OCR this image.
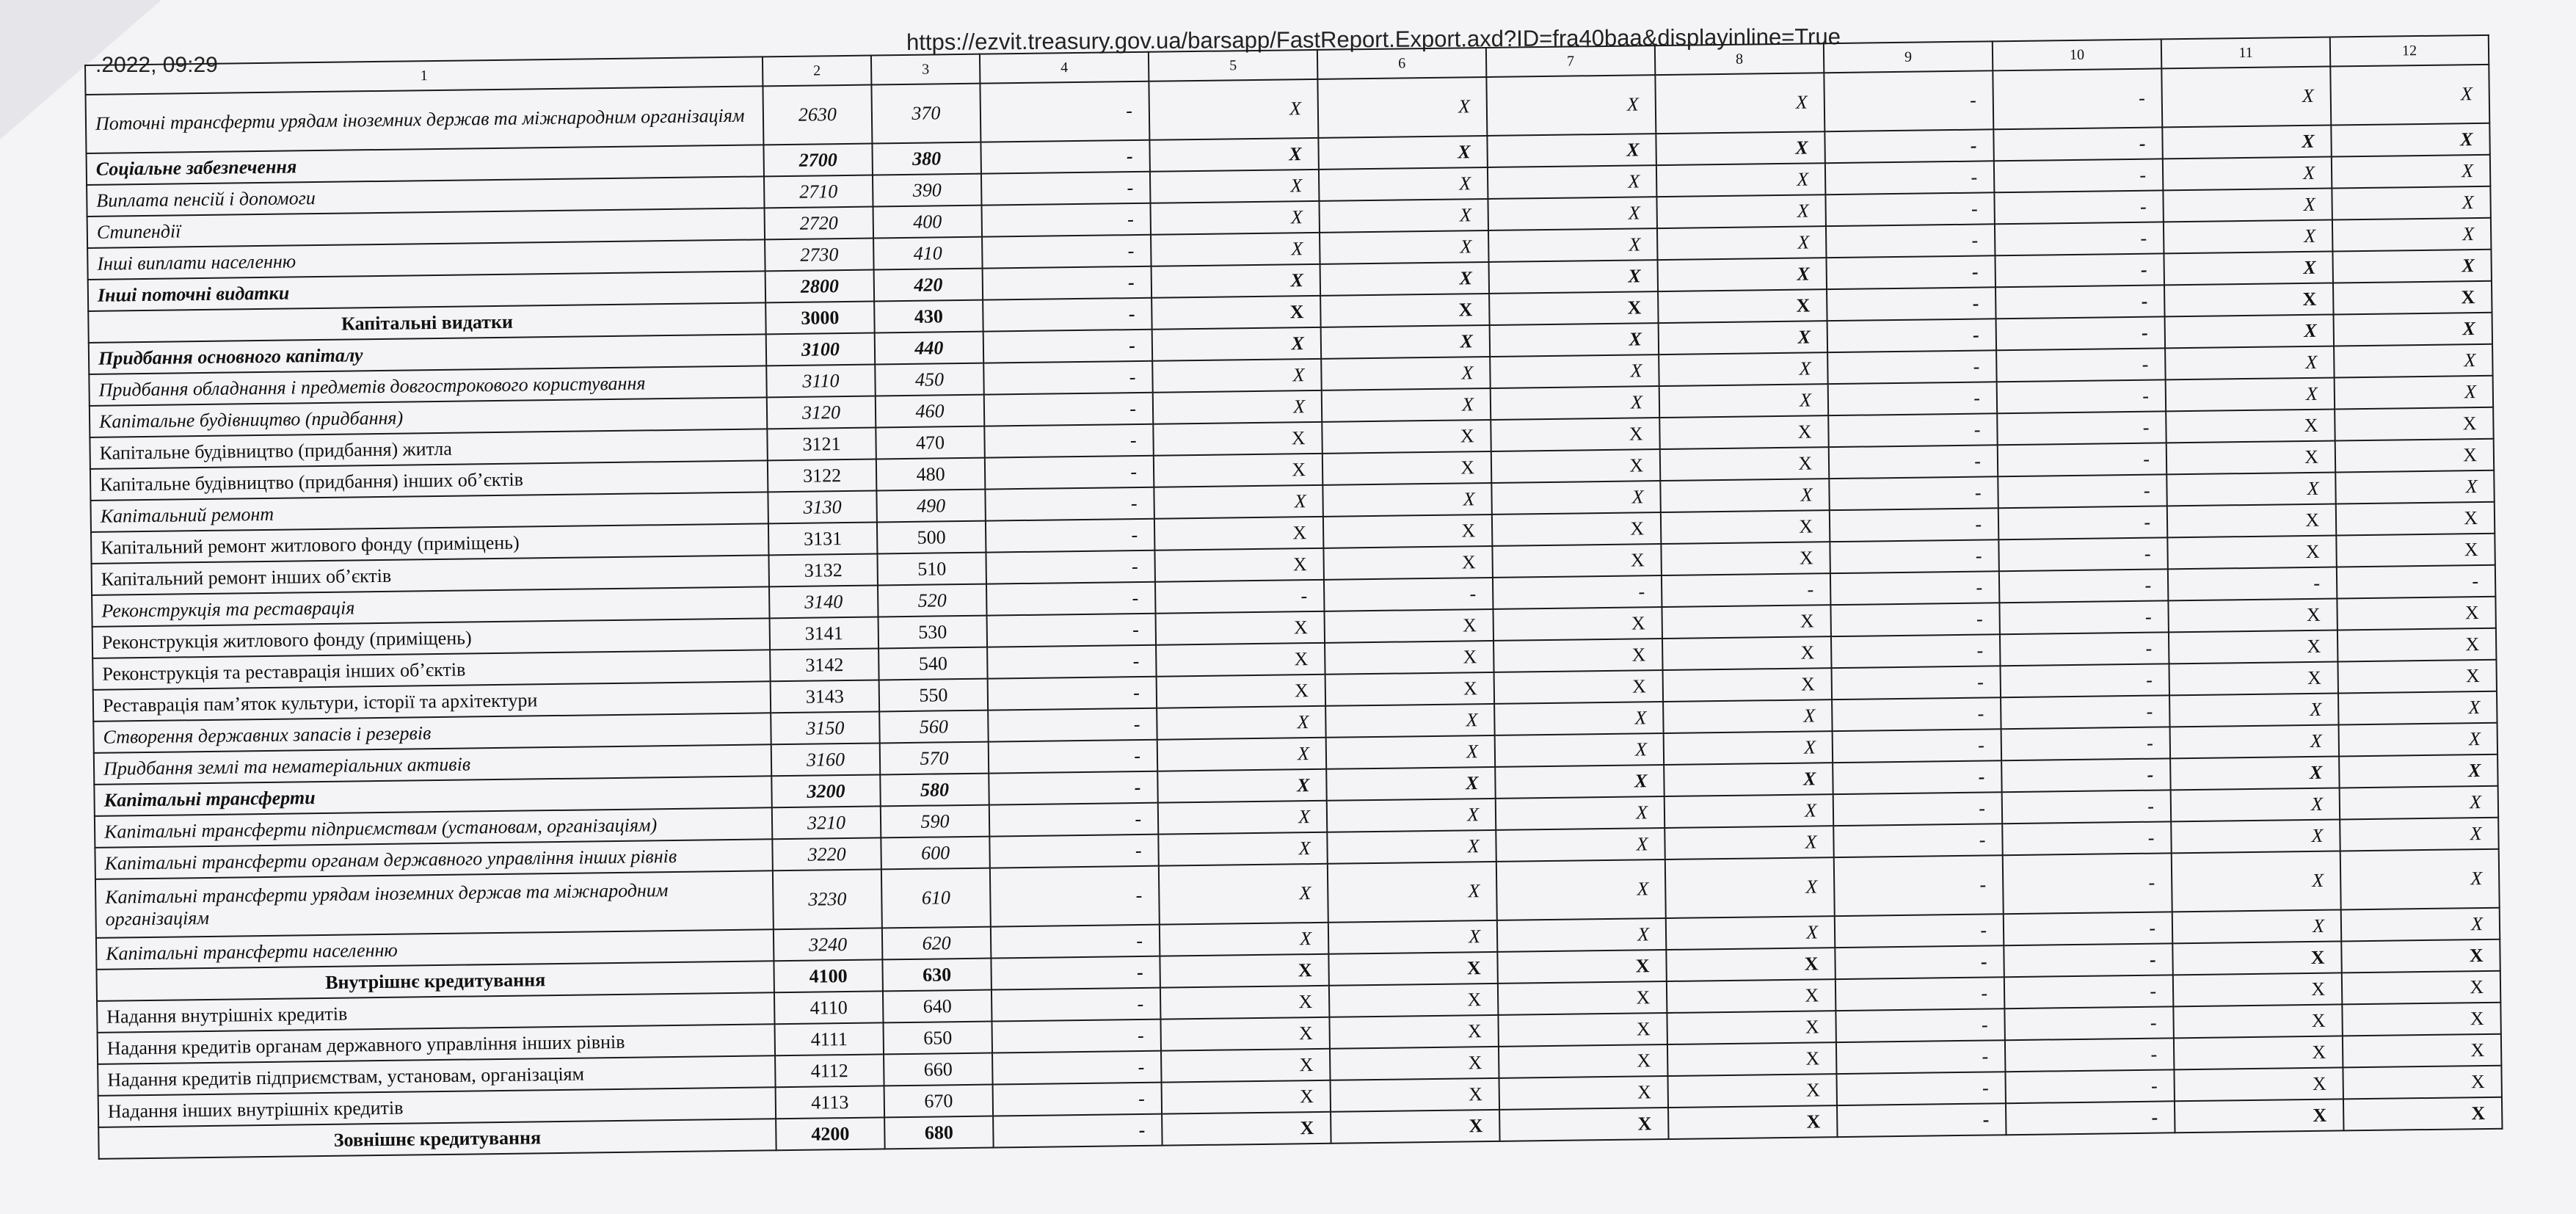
.2022, 09:29
https://ezvit.treasury.gov.ua/barsapp/FastReport.Export.axd?ID=fra40baa&displayinline=True
1	2	3	4	5	6	7	8	9	10	11	12
Поточні трансферти урядам іноземних держав та міжнародним організаціям	2630	370	-	X	X	X	X	-	-	X	X
Соціальне забезпечення	2700	380	-	X	X	X	X	-	-	X	X
Виплата пенсій і допомоги	2710	390	-	X	X	X	X	-	-	X	X
Стипендії	2720	400	-	X	X	X	X	-	-	X	X
Інші виплати населенню	2730	410	-	X	X	X	X	-	-	X	X
Інші поточні видатки	2800	420	-	X	X	X	X	-	-	X	X
Капітальні видатки	3000	430	-	X	X	X	X	-	-	X	X
Придбання основного капіталу	3100	440	-	X	X	X	X	-	-	X	X
Придбання обладнання і предметів довгострокового користування	3110	450	-	X	X	X	X	-	-	X	X
Капітальне будівництво (придбання)	3120	460	-	X	X	X	X	-	-	X	X
Капітальне будівництво (придбання) житла	3121	470	-	X	X	X	X	-	-	X	X
Капітальне будівництво (придбання) інших об’єктів	3122	480	-	X	X	X	X	-	-	X	X
Капітальний ремонт	3130	490	-	X	X	X	X	-	-	X	X
Капітальний ремонт житлового фонду (приміщень)	3131	500	-	X	X	X	X	-	-	X	X
Капітальний ремонт інших об’єктів	3132	510	-	X	X	X	X	-	-	X	X
Реконструкція та реставрація	3140	520	-	-	-	-	-	-	-	-	-
Реконструкція житлового фонду (приміщень)	3141	530	-	X	X	X	X	-	-	X	X
Реконструкція та реставрація інших об’єктів	3142	540	-	X	X	X	X	-	-	X	X
Реставрація пам’яток культури, історії та архітектури	3143	550	-	X	X	X	X	-	-	X	X
Створення державних запасів і резервів	3150	560	-	X	X	X	X	-	-	X	X
Придбання землі та нематеріальних активів	3160	570	-	X	X	X	X	-	-	X	X
Капітальні трансферти	3200	580	-	X	X	X	X	-	-	X	X
Капітальні трансферти підприємствам (установам, організаціям)	3210	590	-	X	X	X	X	-	-	X	X
Капітальні трансферти органам державного управління інших рівнів	3220	600	-	X	X	X	X	-	-	X	X
Капітальні трансферти урядам іноземних держав та міжнародним організаціям	3230	610	-	X	X	X	X	-	-	X	X
Капітальні трансферти населенню	3240	620	-	X	X	X	X	-	-	X	X
Внутрішнє кредитування	4100	630	-	X	X	X	X	-	-	X	X
Надання внутрішніх кредитів	4110	640	-	X	X	X	X	-	-	X	X
Надання кредитів органам державного управління інших рівнів	4111	650	-	X	X	X	X	-	-	X	X
Надання кредитів підприємствам, установам, організаціям	4112	660	-	X	X	X	X	-	-	X	X
Надання інших внутрішніх кредитів	4113	670	-	X	X	X	X	-	-	X	X
Зовнішнє кредитування	4200	680	-	X	X	X	X	-	-	X	X
